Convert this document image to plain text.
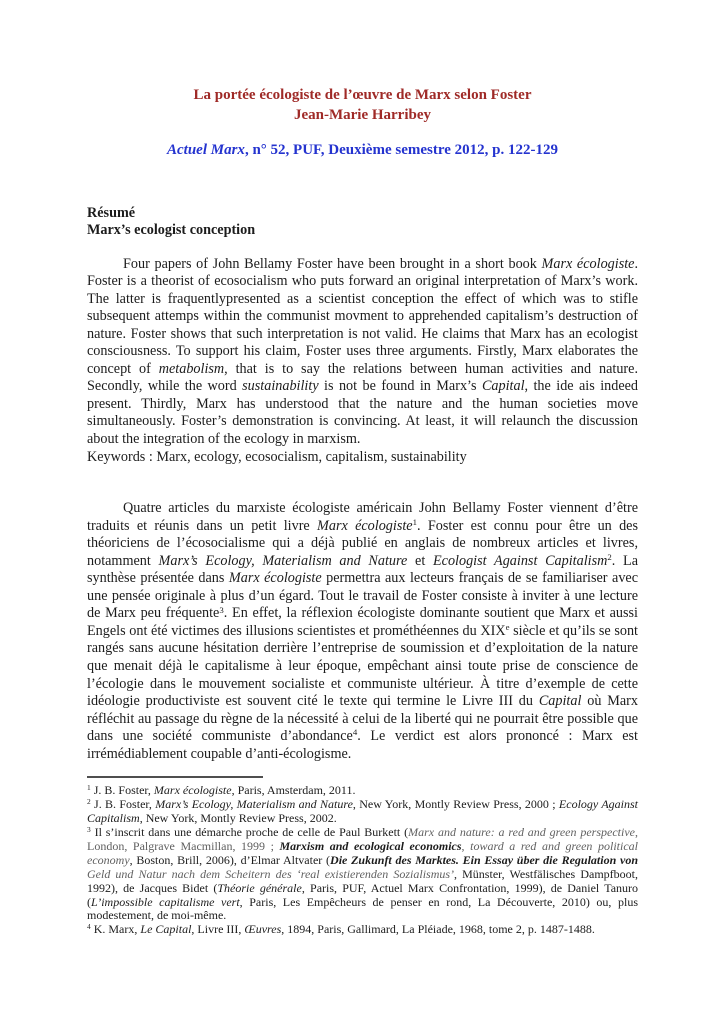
La portée écologiste de l’œuvre de Marx selon Foster
Jean-Marie Harribey
Actuel Marx, n° 52, PUF, Deuxième semestre 2012, p. 122-129
Résumé
Marx’s ecologist conception

Four papers of John Bellamy Foster have been brought in a short book Marx écologiste. Foster is a theorist of ecosocialism who puts forward an original interpretation of Marx’s work. The latter is fraquentlypresented as a scientist conception the effect of which was to stifle subsequent attemps within the communist movment to apprehended capitalism’s destruction of nature. Foster shows that such interpretation is not valid. He claims that Marx has an ecologist consciousness. To support his claim, Foster uses three arguments. Firstly, Marx elaborates the concept of metabolism, that is to say the relations between human activities and nature. Secondly, while the word sustainability is not be found in Marx’s Capital, the ide ais indeed present. Thirdly, Marx has understood that the nature and the human societies move simultaneously. Foster’s demonstration is convincing. At least, it will relaunch the discussion about the integration of the ecology in marxism.

Keywords : Marx, ecology, ecosocialism, capitalism, sustainability

Quatre articles du marxiste écologiste américain John Bellamy Foster viennent d’être traduits et réunis dans un petit livre Marx écologiste$^1$. Foster est connu pour être un des théoriciens de l’écosocialisme qui a déjà publié en anglais de nombreux articles et livres, notamment Marx’s Ecology, Materialism and Nature et Ecologist Against Capitalism$^2$. La synthèse présentée dans Marx écologiste permettra aux lecteurs français de se familiariser avec une pensée originale à plus d’un égard. Tout le travail de Foster consiste à inviter à une lecture de Marx peu fréquente$^3$. En effet, la réflexion écologiste dominante soutient que Marx et aussi Engels ont été victimes des illusions scientistes et prométhéennes du XIXe siècle et qu’ils se sont rangés sans aucune hésitation derrière l’entreprise de soumission et d’exploitation de la nature que menait déjà le capitalisme à leur époque, empêchant ainsi toute prise de conscience de l’écologie dans le mouvement socialiste et communiste ultérieur. À titre d’exemple de cette idéologie productiviste est souvent cité le texte qui termine le Livre III du Capital où Marx réfléchit au passage du règne de la nécessité à celui de la liberté qui ne pourrait être possible que dans une société communiste d’abondance$^4$. Le verdict est alors prononcé : Marx est irrémédiablement coupable d’anti-écologisme.

$^1$ J. B. Foster, Marx écologiste, Paris, Amsterdam, 2011.

$^2$ J. B. Foster, Marx’s Ecology, Materialism and Nature, New York, Montly Review Press, 2000 ; Ecology Against Capitalism, New York, Montly Review Press, 2002.

$^3$ Il s’inscrit dans une démarche proche de celle de Paul Burkett (Marx and nature: a red and green perspective, London, Palgrave Macmillan, 1999 ; Marxism and ecological economics, toward a red and green political economy, Boston, Brill, 2006), d’Elmar Altvater (Die Zukunft des Marktes. Ein Essay über die Regulation von Geld und Natur nach dem Scheitern des ‘real existierenden Sozialismus’, Münster, Westfälisches Dampfboot, 1992), de Jacques Bidet (Théorie générale, Paris, PUF, Actuel Marx Confrontation, 1999), de Daniel Tanuro (L’impossible capitalisme vert, Paris, Les Empêcheurs de penser en rond, La Découverte, 2010) ou, plus modestement, de moi-même.

$^4$ K. Marx, Le Capital, Livre III, Œuvres, 1894, Paris, Gallimard, La Pléiade, 1968, tome 2, p. 1487-1488.
